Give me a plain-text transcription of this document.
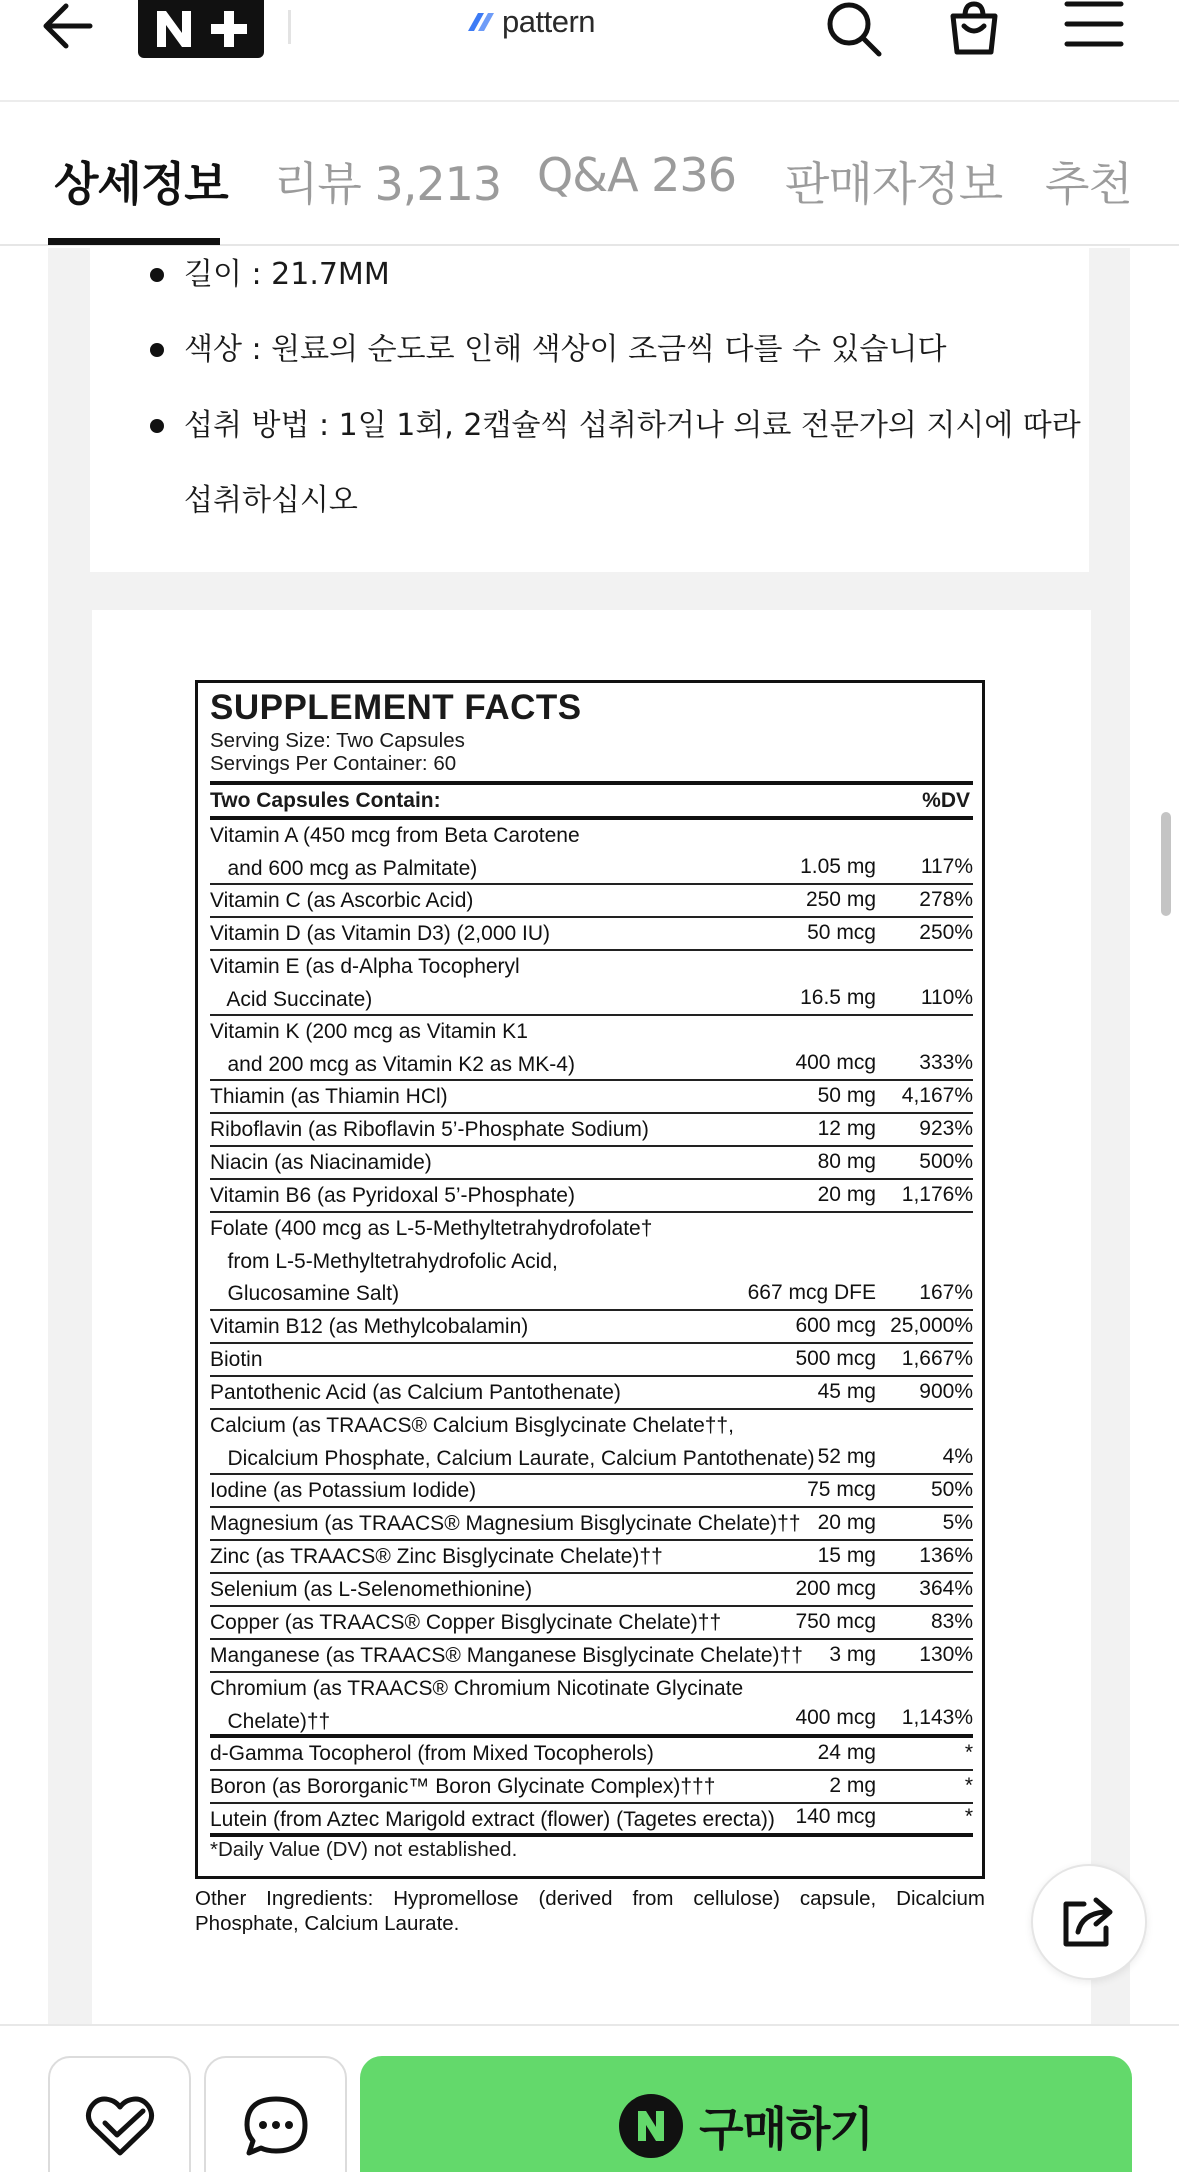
pattern
상세정보 리뷰 3,213 Q&A 236 판매자정보 추천
길이 : 21.7MM
색상 : 원료의 순도로 인해 색상이 조금씩 다를 수 있습니다
섭취 방법 : 1일 1회, 2캡슐씩 섭취하거나 의료 전문가의 지시에 따라
섭취하십시오
SUPPLEMENT FACTS
Serving Size: Two Capsules
Servings Per Container: 60
Two Capsules Contain:	%DV
Vitamin A (450 mcg from Beta Carotene
and 600 mcg as Palmitate)	1.05 mg 117%
Vitamin C (as Ascorbic Acid)	250 mg 278%
Vitamin D (as Vitamin D3) (2,000 IU)	50 mcg 250%
Vitamin E (as d-Alpha Tocopheryl
Acid Succinate)	16.5 mg 110%
Vitamin K (200 mcg as Vitamin K1
and 200 mcg as Vitamin K2 as MK-4)	400 mcg 333%
Thiamin (as Thiamin HCl)	50 mg 4,167%
Riboflavin (as Riboflavin 5’-Phosphate Sodium)	12 mg 923%
Niacin (as Niacinamide)	80 mg 500%
Vitamin B6 (as Pyridoxal 5’-Phosphate)	20 mg 1,176%
Folate (400 mcg as L-5-Methyltetrahydrofolate†
from L-5-Methyltetrahydrofolic Acid,
Glucosamine Salt)	667 mcg DFE 167%
Vitamin B12 (as Methylcobalamin)	600 mcg 25,000%
Biotin	500 mcg 1,667%
Pantothenic Acid (as Calcium Pantothenate)	45 mg 900%
Calcium (as TRAACS® Calcium Bisglycinate Chelate††,
Dicalcium Phosphate, Calcium Laurate, Calcium Pantothenate) 52 mg	4%
Iodine (as Potassium Iodide)	75 mcg	50%
Magnesium (as TRAACS® Magnesium Bisglycinate Chelate)†† 20 mg	5%
Zinc (as TRAACS® Zinc Bisglycinate Chelate)††	15 mg 136%
Selenium (as L-Selenomethionine)	200 mcg 364%
Copper (as TRAACS® Copper Bisglycinate Chelate)††	750 mcg	83%
Manganese (as TRAACS® Manganese Bisglycinate Chelate)†† 3 mg 130%
Chromium (as TRAACS® Chromium Nicotinate Glycinate
Chelate)††	400 mcg 1,143%
d-Gamma Tocopherol (from Mixed Tocopherols)	24 mg	*
Boron (as Bororganic™ Boron Glycinate Complex)†††	2 mg	*
Lutein (from Aztec Marigold extract (flower) (Tagetes erecta)) 140 mcg	*
*Daily Value (DV) not established.
Other Ingredients: Hypromellose (derived from cellulose) capsule, Dicalcium Phosphate, Calcium Laurate.
구매하기
